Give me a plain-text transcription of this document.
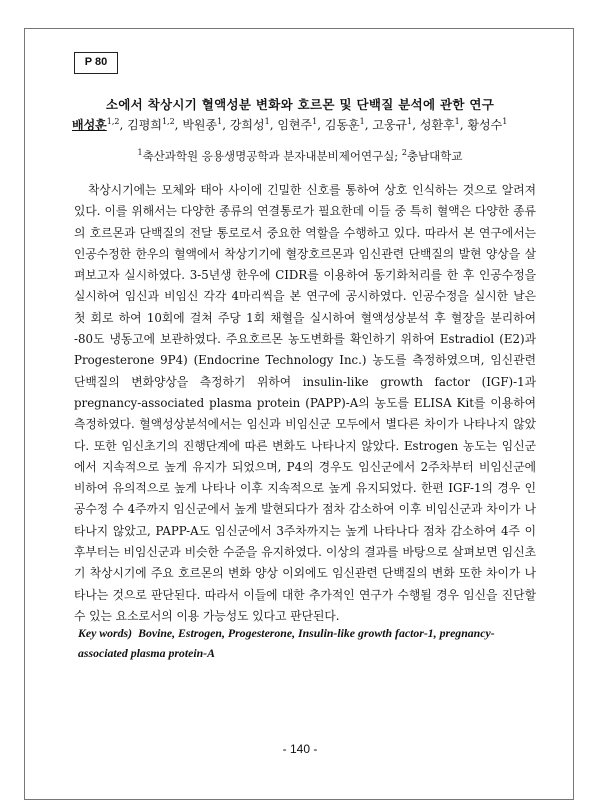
P 80
소에서 착상시기 혈액성분 변화와 호르몬 및 단백질 분석에 관한 연구
배성훈$^{1,2}$, 김평희$^{1,2}$, 박원종$^1$, 강희성$^1$, 임현주$^1$, 김동훈$^1$, 고웅규$^1$, 성환후$^1$, 황성수$^1$
$^1$축산과학원 응용생명공학과 분자내분비제어연구실; $^2$충남대학교

착상시기에는 모체와 태아 사이에 긴밀한 신호를 통하여 상호 인식하는 것으로 알려져 있다. 이를 위해서는 다양한 종류의 연결통로가 필요한데 이들 중 특히 혈액은 다양한 종류의 호르몬과 단백질의 전달 통로로서 중요한 역할을 수행하고 있다. 따라서 본 연구에서는 인공수정한 한우의 혈액에서 착상기기에 혈장호르몬과 임신관련 단백질의 발현 양상을 살펴보고자 실시하였다. 3-5년생 한우에 CIDR를 이용하여 동기화처리를 한 후 인공수정을 실시하여 임신과 비임신 각각 4마리씩을 본 연구에 공시하였다. 인공수정을 실시한 날은 첫 회로 하여 10회에 걸쳐 주당 1회 채혈을 실시하여 혈액성상분석 후 혈장을 분리하여 -80도 냉동고에 보관하였다. 주요호르몬 농도변화를 확인하기 위하여 Estradiol (E2)과 Progesterone 9P4) (Endocrine Technology Inc.) 농도를 측정하였으며, 임신관련 단백질의 변화양상을 측정하기 위하여 insulin-like growth factor (IGF)-1과 pregnancy-associated plasma protein (PAPP)-A의 농도를 ELISA Kit를 이용하여 측정하였다. 혈액성상분석에서는 임신과 비임신군 모두에서 별다른 차이가 나타나지 않았다. 또한 임신초기의 진행단계에 따른 변화도 나타나지 않았다. Estrogen 농도는 임신군에서 지속적으로 높게 유지가 되었으며, P4의 경우도 임신군에서 2주차부터 비임신군에 비하여 유의적으로 높게 나타나 이후 지속적으로 높게 유지되었다. 한편 IGF-1의 경우 인공수정 수 4주까지 임신군에서 높게 발현되다가 점차 감소하여 이후 비임신군과 차이가 나타나지 않았고, PAPP-A도 임신군에서 3주차까지는 높게 나타나다 점차 감소하여 4주 이후부터는 비임신군과 비슷한 수준을 유지하였다. 이상의 결과를 바탕으로 살펴보면 임신초기 착상시기에 주요 호르몬의 변화 양상 이외에도 임신관련 단백질의 변화 또한 차이가 나타나는 것으로 판단된다. 따라서 이들에 대한 추가적인 연구가 수행될 경우 임신을 진단할 수 있는 요소로서의 이용 가능성도 있다고 판단된다.

Key words) Bovine, Estrogen, Progesterone, Insulin-like growth factor-1, pregnancy-associated plasma protein-A
- 140 -
